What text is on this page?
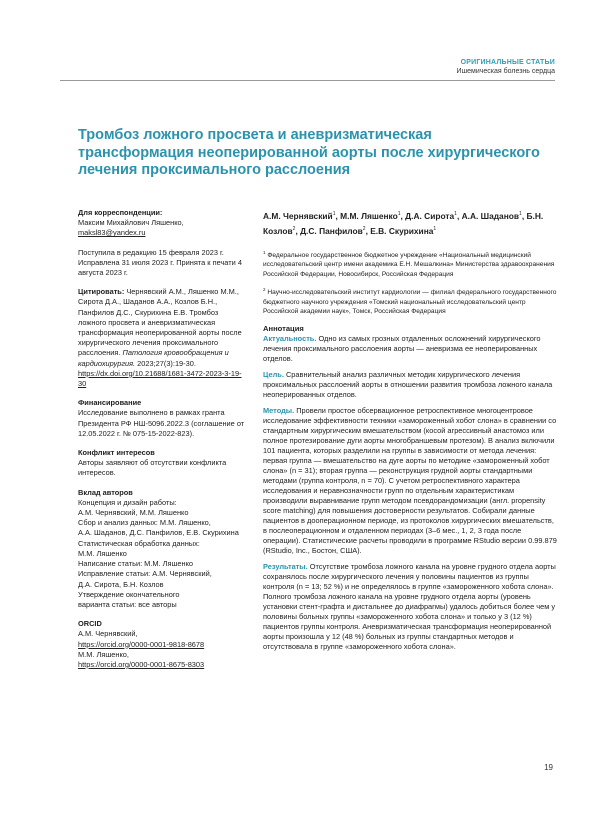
ОРИГИНАЛЬНЫЕ СТАТЬИ
Ишемическая болезнь сердца
Тромбоз ложного просвета и аневризматическая трансформация неоперированной аорты после хирургического лечения проксимального расслоения
Для корреспонденции:
Максим Михайлович Ляшенко,
maksl83@yandex.ru
Поступила в редакцию 15 февраля 2023 г. Исправлена 31 июля 2023 г. Принята к печати 4 августа 2023 г.
Цитировать: Чернявский А.М., Ляшенко М.М., Сирота Д.А., Шаданов А.А., Козлов Б.Н., Панфилов Д.С., Скурихина Е.В. Тромбоз ложного просвета и аневризматическая трансформация неоперированной аорты после хирургического лечения проксимального расслоения. Патология кровообращения и кардиохирургия. 2023;27(3):19-30. https://dx.doi.org/10.21688/1681-3472-2023-3-19-30
Финансирование
Исследование выполнено в рамках гранта Президента РФ НШ-5096.2022.3 (соглашение от 12.05.2022 г. № 075-15-2022-823).
Конфликт интересов
Авторы заявляют об отсутствии конфликта интересов.
Вклад авторов
Концепция и дизайн работы:
А.М. Чернявский, М.М. Ляшенко
Сбор и анализ данных: М.М. Ляшенко,
А.А. Шаданов, Д.С. Панфилов, Е.В. Скурихина
Статистическая обработка данных:
М.М. Ляшенко
Написание статьи: М.М. Ляшенко
Исправление статьи: А.М. Чернявский,
Д.А. Сирота, Б.Н. Козлов
Утверждение окончательного
варианта статьи: все авторы
ORCID
А.М. Чернявский,
https://orcid.org/0000-0001-9818-8678
М.М. Ляшенко,
https://orcid.org/0000-0001-8675-8303
А.М. Чернявский$^1$, М.М. Ляшенко$^1$, Д.А. Сирота$^1$, А.А. Шаданов$^1$, Б.Н. Козлов$^2$, Д.С. Панфилов$^2$, Е.В. Скурихина$^1$
$^1$ Федеральное государственное бюджетное учреждение «Национальный медицинский исследовательский центр имени академика Е.Н. Мешалкина» Министерства здравоохранения Российской Федерации, Новосибирск, Российская Федерация
$^2$ Научно-исследовательский институт кардиологии — филиал федерального государственного бюджетного научного учреждения «Томский национальный исследовательский центр Российской академии наук», Томск, Российская Федерация
Аннотация

Актуальность. Одно из самых грозных отдаленных осложнений хирургического лечения проксимального расслоения аорты — аневризма ее неоперированных отделов.

Цель. Сравнительный анализ различных методик хирургического лечения проксимальных расслоений аорты в отношении развития тромбоза ложного канала неоперированных отделов.

Методы. Провели простое обсервационное ретроспективное многоцентровое исследование эффективности техники «замороженный хобот слона» в сравнении со стандартным хирургическим вмешательством (косой агрессивный анастомоз или полное протезирование дуги аорты многобраншевым протезом). В анализ включили 101 пациента, которых разделили на группы в зависимости от метода лечения: первая группа — вмешательство на дуге аорты по методике «замороженный хобот слона» (n = 31); вторая группа — реконструкция грудной аорты стандартными методами (группа контроля, n = 70). С учетом ретроспективного характера исследования и неравнозначности групп по отдельным характеристикам производили выравнивание групп методом псевдорандомизации (англ. propensity score matching) для повышения достоверности результатов. Собирали данные пациентов в дооперационном периоде, из протоколов хирургических вмешательств, в послеоперационном и отдаленном периодах (3–6 мес., 1, 2, 3 года после операции). Статистические расчеты проводили в программе RStudio версии 0.99.879 (RStudio, Inc., Бостон, США).

Результаты. Отсутствие тромбоза ложного канала на уровне грудного отдела аорты сохранялось после хирургического лечения у половины пациентов из группы контроля (n = 13; 52 %) и не определялось в группе «замороженного хобота слона». Полного тромбоза ложного канала на уровне грудного отдела аорты (уровень установки стент-графта и дистальнее до диафрагмы) удалось добиться более чем у половины больных группы «замороженного хобота слона» и только у 3 (12 %) пациентов группы контроля. Аневризматическая трансформация неоперированной аорты произошла у 12 (48 %) больных из группы стандартных методов и отсутствовала в группе «замороженного хобота слона».

19
